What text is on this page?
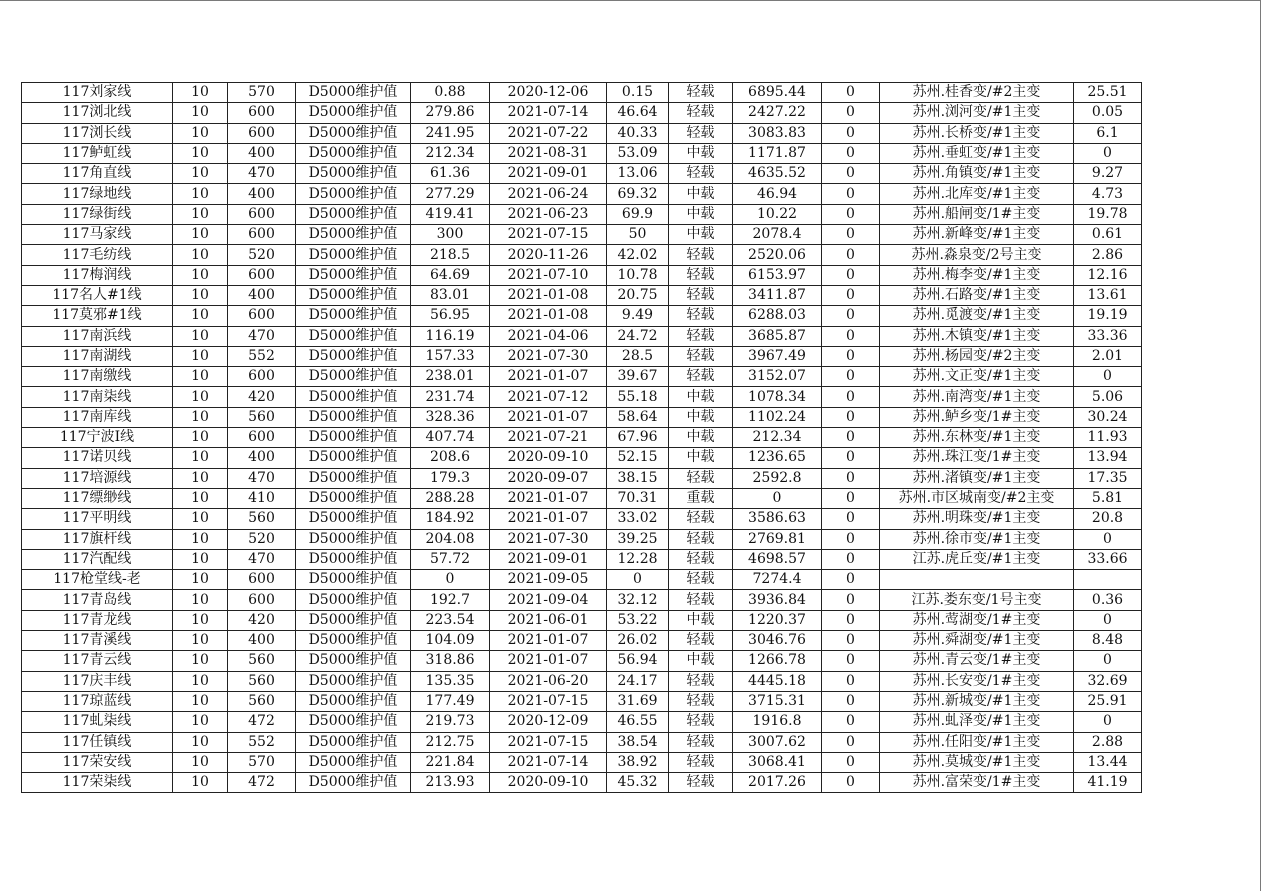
117刘家线	10	570	D5000维护值	0.88	2020-12-06	0.15	轻载	6895.44	0	苏州.桂香变/#2主变	25.51
117浏北线	10	600	D5000维护值	279.86	2021-07-14	46.64	轻载	2427.22	0	苏州.浏河变/#1主变	0.05
117浏长线	10	600	D5000维护值	241.95	2021-07-22	40.33	轻载	3083.83	0	苏州.长桥变/#1主变	6.1
117鲈虹线	10	400	D5000维护值	212.34	2021-08-31	53.09	中载	1171.87	0	苏州.垂虹变/#1主变	0
117角直线	10	470	D5000维护值	61.36	2021-09-01	13.06	轻载	4635.52	0	苏州.角镇变/#1主变	9.27
117绿地线	10	400	D5000维护值	277.29	2021-06-24	69.32	中载	46.94	0	苏州.北库变/#1主变	4.73
117绿街线	10	600	D5000维护值	419.41	2021-06-23	69.9	中载	10.22	0	苏州.船闸变/1#主变	19.78
117马家线	10	600	D5000维护值	300	2021-07-15	50	中载	2078.4	0	苏州.新峰变/#1主变	0.61
117毛纺线	10	520	D5000维护值	218.5	2020-11-26	42.02	轻载	2520.06	0	苏州.淼泉变/2号主变	2.86
117梅润线	10	600	D5000维护值	64.69	2021-07-10	10.78	轻载	6153.97	0	苏州.梅李变/#1主变	12.16
117名人#1线	10	400	D5000维护值	83.01	2021-01-08	20.75	轻载	3411.87	0	苏州.石路变/#1主变	13.61
117莫邪#1线	10	600	D5000维护值	56.95	2021-01-08	9.49	轻载	6288.03	0	苏州.觅渡变/#1主变	19.19
117南浜线	10	470	D5000维护值	116.19	2021-04-06	24.72	轻载	3685.87	0	苏州.木镇变/#1主变	33.36
117南湖线	10	552	D5000维护值	157.33	2021-07-30	28.5	轻载	3967.49	0	苏州.杨园变/#2主变	2.01
117南缴线	10	600	D5000维护值	238.01	2021-01-07	39.67	轻载	3152.07	0	苏州.文正变/#1主变	0
117南柒线	10	420	D5000维护值	231.74	2021-07-12	55.18	中载	1078.34	0	苏州.南湾变/#1主变	5.06
117南库线	10	560	D5000维护值	328.36	2021-01-07	58.64	中载	1102.24	0	苏州.鲈乡变/1#主变	30.24
117宁波I线	10	600	D5000维护值	407.74	2021-07-21	67.96	中载	212.34	0	苏州.东林变/#1主变	11.93
117诺贝线	10	400	D5000维护值	208.6	2020-09-10	52.15	中载	1236.65	0	苏州.珠江变/1#主变	13.94
117培源线	10	470	D5000维护值	179.3	2020-09-07	38.15	轻载	2592.8	0	苏州.渚镇变/#1主变	17.35
117缥缈线	10	410	D5000维护值	288.28	2021-01-07	70.31	重载	0	0	苏州.市区城南变/#2主变	5.81
117平明线	10	560	D5000维护值	184.92	2021-01-07	33.02	轻载	3586.63	0	苏州.明珠变/#1主变	20.8
117旗杆线	10	520	D5000维护值	204.08	2021-07-30	39.25	轻载	2769.81	0	苏州.徐市变/#1主变	0
117汽配线	10	470	D5000维护值	57.72	2021-09-01	12.28	轻载	4698.57	0	江苏.虎丘变/#1主变	33.66
117枪堂线-老	10	600	D5000维护值	0	2021-09-05	0	轻载	7274.4	0		
117青岛线	10	600	D5000维护值	192.7	2021-09-04	32.12	轻载	3936.84	0	江苏.娄东变/1号主变	0.36
117青龙线	10	420	D5000维护值	223.54	2021-06-01	53.22	中载	1220.37	0	苏州.莺湖变/1#主变	0
117青溪线	10	400	D5000维护值	104.09	2021-01-07	26.02	轻载	3046.76	0	苏州.舜湖变/#1主变	8.48
117青云线	10	560	D5000维护值	318.86	2021-01-07	56.94	中载	1266.78	0	苏州.青云变/1#主变	0
117庆丰线	10	560	D5000维护值	135.35	2021-06-20	24.17	轻载	4445.18	0	苏州.长安变/1#主变	32.69
117琼蓝线	10	560	D5000维护值	177.49	2021-07-15	31.69	轻载	3715.31	0	苏州.新城变/#1主变	25.91
117虬柒线	10	472	D5000维护值	219.73	2020-12-09	46.55	轻载	1916.8	0	苏州.虬泽变/#1主变	0
117任镇线	10	552	D5000维护值	212.75	2021-07-15	38.54	轻载	3007.62	0	苏州.任阳变/#1主变	2.88
117荣安线	10	570	D5000维护值	221.84	2021-07-14	38.92	轻载	3068.41	0	苏州.莫城变/#1主变	13.44
117荣柒线	10	472	D5000维护值	213.93	2020-09-10	45.32	轻载	2017.26	0	苏州.富荣变/1#主变	41.19
